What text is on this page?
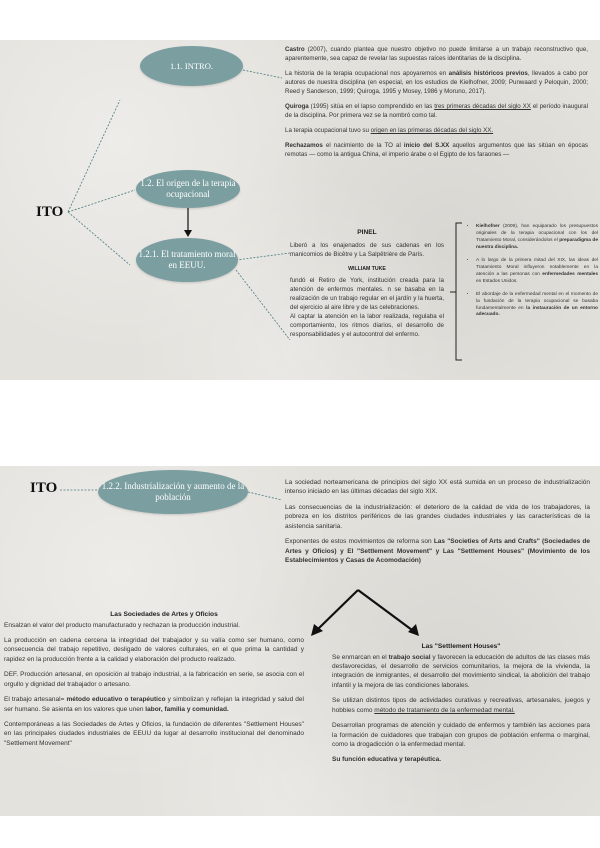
ITO
1.1. INTRO.
1.2. El origen de la terapia ocupacional
1.2.1. El tratamiento moral en EEUU.

Castro (2007), cuando plantea que nuestro objetivo no puede limitarse a un trabajo reconstructivo que, aparentemente, sea capaz de revelar las supuestas raíces identitarias de la disciplina.

La historia de la terapia ocupacional nos apoyaremos en análisis históricos previos, llevados a cabo por autores de nuestra disciplina (en especial, en los estudios de Kielhofner, 2009; Punwaard y Peloquin, 2000; Reed y Sanderson, 1999; Quiroga, 1995 y Mosey, 1986 y Moruno, 2017).

Quiroga (1995) sitúa en el lapso comprendido en las tres primeras décadas del siglo XX el período inaugural de la disciplina. Por primera vez se la nombró como tal.

La terapia ocupacional tuvo su origen en las primeras décadas del siglo XX.

Rechazamos el nacimiento de la TO al inicio del S.XX aquellos argumentos que las sitúan en épocas remotas — como la antigua China, el imperio árabe o el Egipto de los faraones —

PINEL

Liberó a los enajenados de sus cadenas en los manicomios de Bicêtre y La Salpêtrière de París.

WILLIAM TUKE

fundó el Retiro de York, institución creada para la atención de enfermos mentales. n se basaba en la realización de un trabajo regular en el jardín y la huerta, del ejercicio al aire libre y de las celebraciones.

Al captar la atención en la labor realizada, regulaba el comportamiento, los ritmos diarios, el desarrollo de responsabilidades y el autocontrol del enfermo.

• Kielhofner (2009), han equiparado los presupuestos originales de la terapia ocupacional con los del Tratamiento Moral, considerándolos el preparadigma de nuestra disciplina.
• A lo largo de la primera mitad del XIX, las ideas del Tratamiento Moral influyeron notablemente en la atención a las personas con enfermedades mentales en Estados Unidos.
• El abordaje de la enfermedad mental en el momento de la fundación de la terapia ocupacional se basaba fundamentalmente en la instauración de un entorno adecuado.
ITO	1.2.2. Industrialización y aumento de la población

La sociedad norteamericana de principios del siglo XX está sumida en un proceso de industrialización intenso iniciado en las últimas décadas del siglo XIX.

Las consecuencias de la industrialización: el deterioro de la calidad de vida de los trabajadores, la pobreza en los distritos periféricos de las grandes ciudades industriales y las características de la asistencia sanitaria.

Exponentes de estos movimientos de reforma son Las "Societies of Arts and Crafts" (Sociedades de Artes y Oficios) y El "Settlement Movement" y Las "Settlement Houses" (Movimiento de los Establecimientos y Casas de Acomodación)

Las Sociedades de Artes y Oficios

Ensalzan el valor del producto manufacturado y rechazan la producción industrial.

La producción en cadena cercena la integridad del trabajador y su valía como ser humano, como consecuencia del trabajo repetitivo, desligado de valores culturales, en el que prima la cantidad y rapidez en la producción frente a la calidad y elaboración del producto realizado.

DEF. Producción artesanal, en oposición al trabajo industrial, a la fabricación en serie, se asocia con el orgullo y dignidad del trabajador o artesano.

El trabajo artesanal= método educativo o terapéutico y simbolizan y reflejan la integridad y salud del ser humano. Se asienta en los valores que unen labor, familia y comunidad.

Contemporáneas a las Sociedades de Artes y Oficios, la fundación de diferentes "Settlement Houses" en las principales ciudades industriales de EEUU da lugar al desarrollo institucional del denominado "Settlement Movement"

Las "Settlement Houses"

Se enmarcan en el trabajo social y favorecen la educación de adultos de las clases más desfavorecidas, el desarrollo de servicios comunitarios, la mejora de la vivienda, la integración de inmigrantes, el desarrollo del movimiento sindical, la abolición del trabajo infantil y la mejora de las condiciones laborales.

Se utilizan distintos tipos de actividades curativas y recreativas, artesanales, juegos y hobbies como método de tratamiento de la enfermedad mental.

Desarrollan programas de atención y cuidado de enfermos y también las acciones para la formación de cuidadores que trabajan con grupos de población enferma o marginal, como la drogadicción o la enfermedad mental.

Su función educativa y terapéutica.
